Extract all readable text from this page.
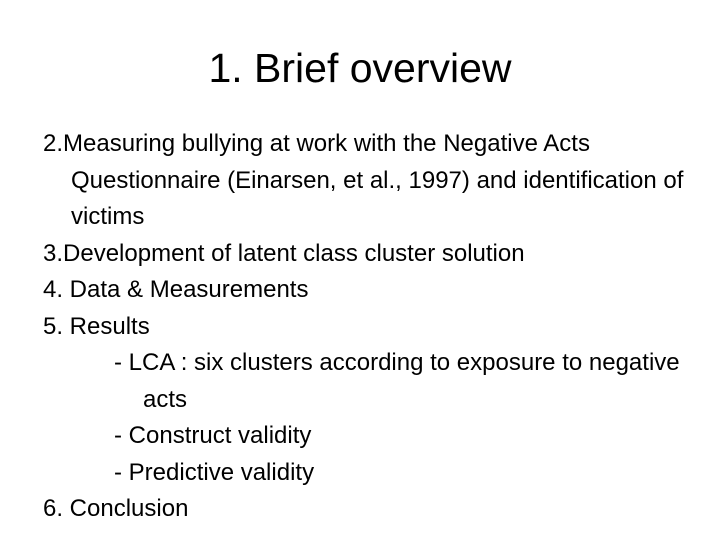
1. Brief overview
2.Measuring bullying at work with the Negative Acts Questionnaire (Einarsen, et al., 1997) and identification of victims
3.Development of latent class cluster solution
4. Data & Measurements
5. Results
- LCA : six clusters according to exposure to negative acts
- Construct validity
- Predictive validity
6. Conclusion
